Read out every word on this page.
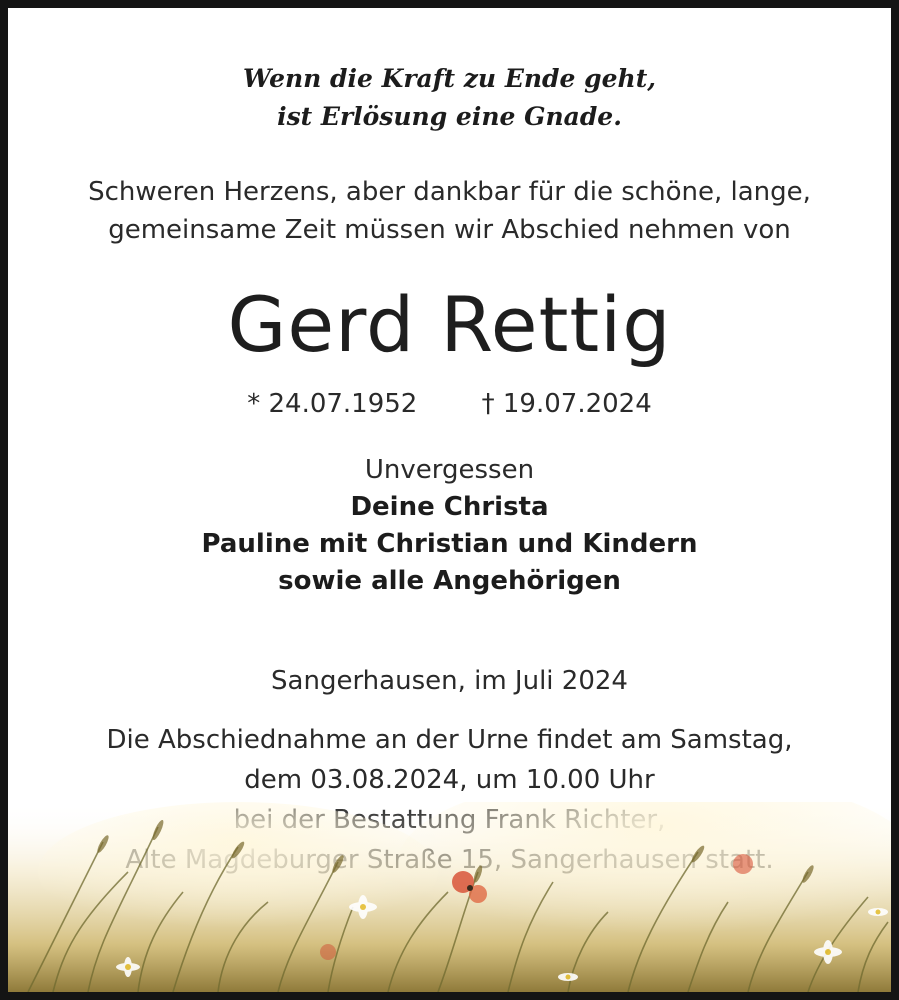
Wenn die Kraft zu Ende geht,
ist Erlösung eine Gnade.
Schweren Herzens, aber dankbar für die schöne, lange,
gemeinsame Zeit müssen wir Abschied nehmen von
Gerd Rettig
* 24.07.1952 † 19.07.2024
Unvergessen
Deine Christa
Pauline mit Christian und Kindern
sowie alle Angehörigen
Sangerhausen, im Juli 2024
Die Abschiednahme an der Urne findet am Samstag,
dem 03.08.2024, um 10.00 Uhr
